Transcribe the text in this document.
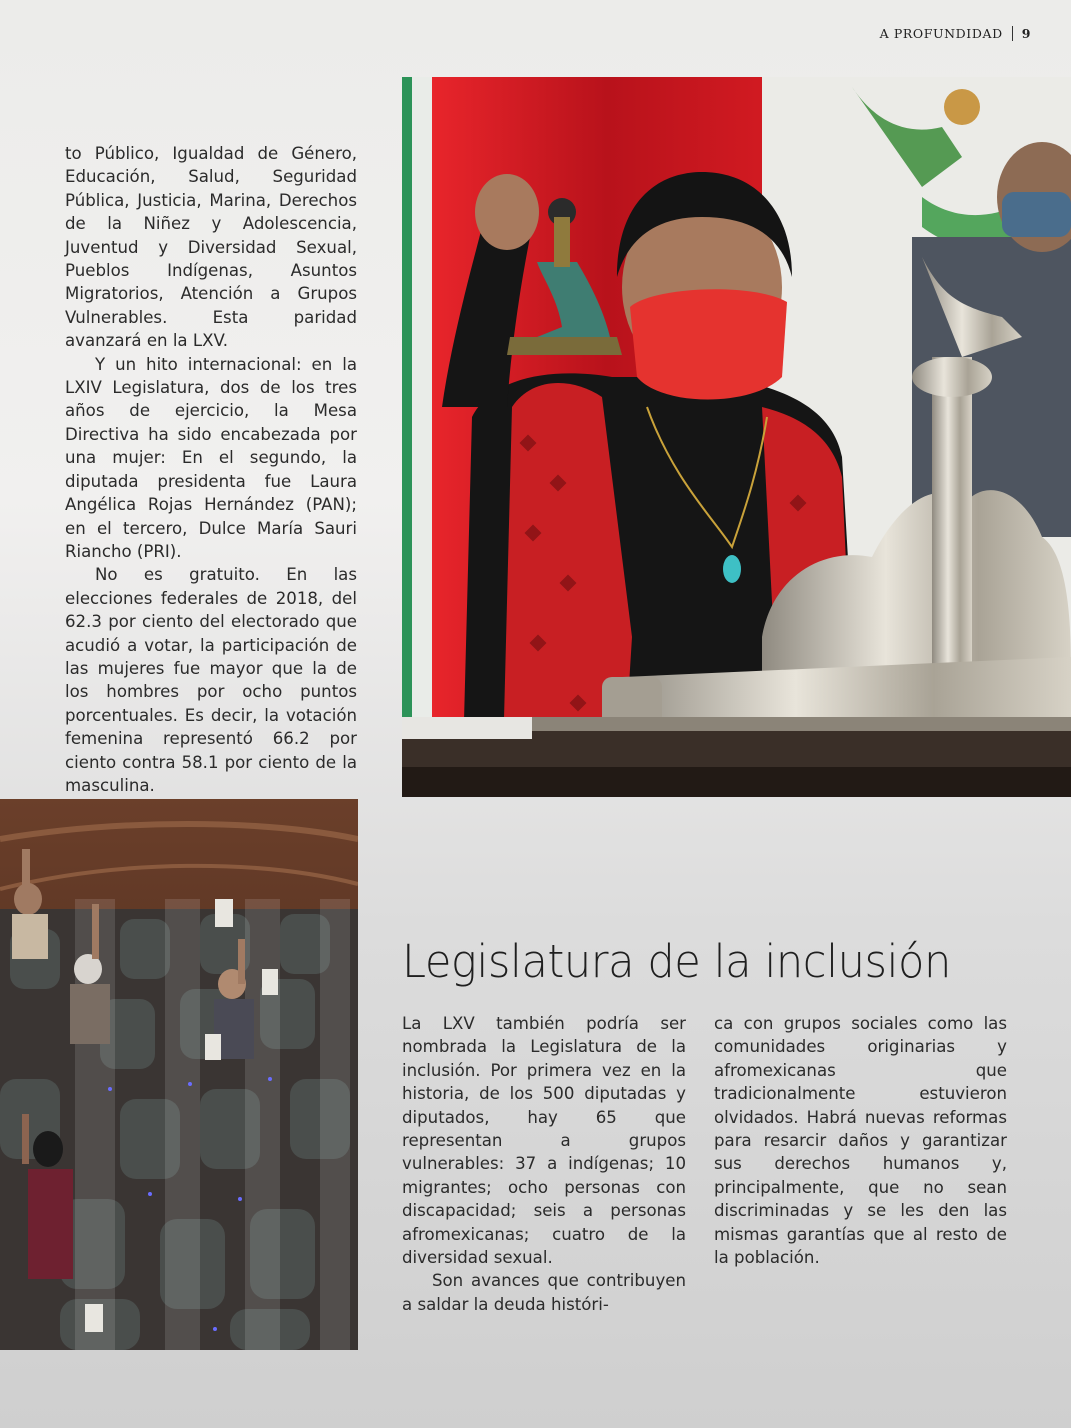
A PROFUNDIDAD 9

to Público, Igualdad de Género, Educación, Salud, Seguridad Pública, Justicia, Marina, Derechos de la Niñez y Adolescencia, Juventud y Diversidad Sexual, Pueblos Indígenas, Asuntos Migratorios, Atención a Grupos Vulnerables. Esta paridad avanzará en la LXV.

Y un hito internacional: en la LXIV Legislatura, dos de los tres años de ejercicio, la Mesa Directiva ha sido encabezada por una mujer: En el segundo, la diputada presidenta fue Laura Angélica Rojas Hernández (PAN); en el tercero, Dulce María Sauri Riancho (PRI).

No es gratuito. En las elecciones federales de 2018, del 62.3 por ciento del electorado que acudió a votar, la participación de las mujeres fue mayor que la de los hombres por ocho puntos porcentuales. Es decir, la votación femenina representó 66.2 por ciento contra 58.1 por ciento de la masculina.

Legislatura de la inclusión

La LXV también podría ser nombrada la Legislatura de la inclusión. Por primera vez en la historia, de los 500 diputadas y diputados, hay 65 que representan a grupos vulnerables: 37 a indígenas; 10 migrantes; ocho personas con discapacidad; seis a personas afromexicanas; cuatro de la diversidad sexual.

Son avances que contribuyen a saldar la deuda históri-

ca con grupos sociales como las comunidades originarias y afromexicanas que tradicionalmente estuvieron olvidados. Habrá nuevas reformas para resarcir daños y garantizar sus derechos humanos y, principalmente, que no sean discriminadas y se les den las mismas garantías que al resto de la población.
